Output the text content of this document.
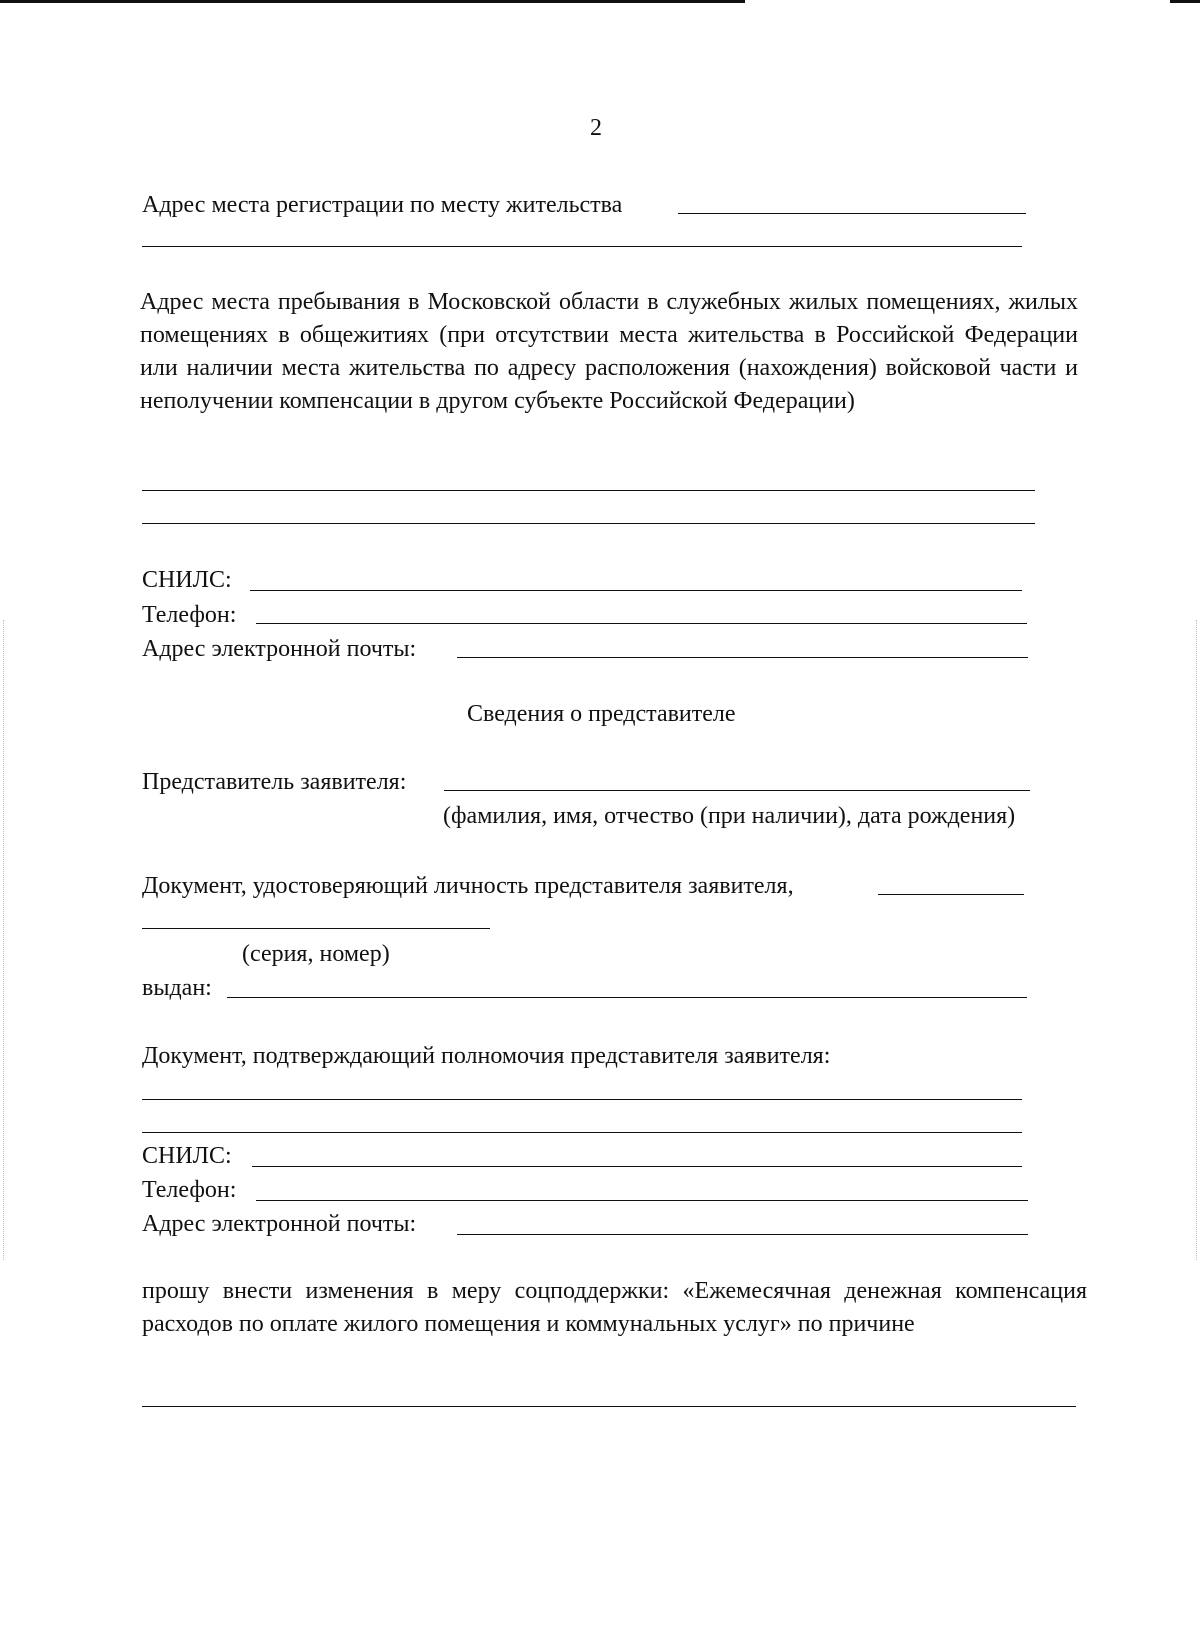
2
Адрес места регистрации по месту жительства
Адрес места пребывания в Московской области в служебных жилых помещениях, жилых помещениях в общежитиях (при отсутствии места жительства в Российской Федерации или наличии места жительства по адресу расположения (нахождения) войсковой части и неполучении компенсации в другом субъекте Российской Федерации)
СНИЛС:
Телефон:
Адрес электронной почты:
Сведения о представителе
Представитель заявителя:
(фамилия, имя, отчество (при наличии), дата рождения)
Документ, удостоверяющий личность представителя заявителя,
(серия, номер)
выдан:
Документ, подтверждающий полномочия представителя заявителя:
СНИЛС:
Телефон:
Адрес электронной почты:
прошу внести изменения в меру соцподдержки: «Ежемесячная денежная компенсация расходов по оплате жилого помещения и коммунальных услуг» по причине
